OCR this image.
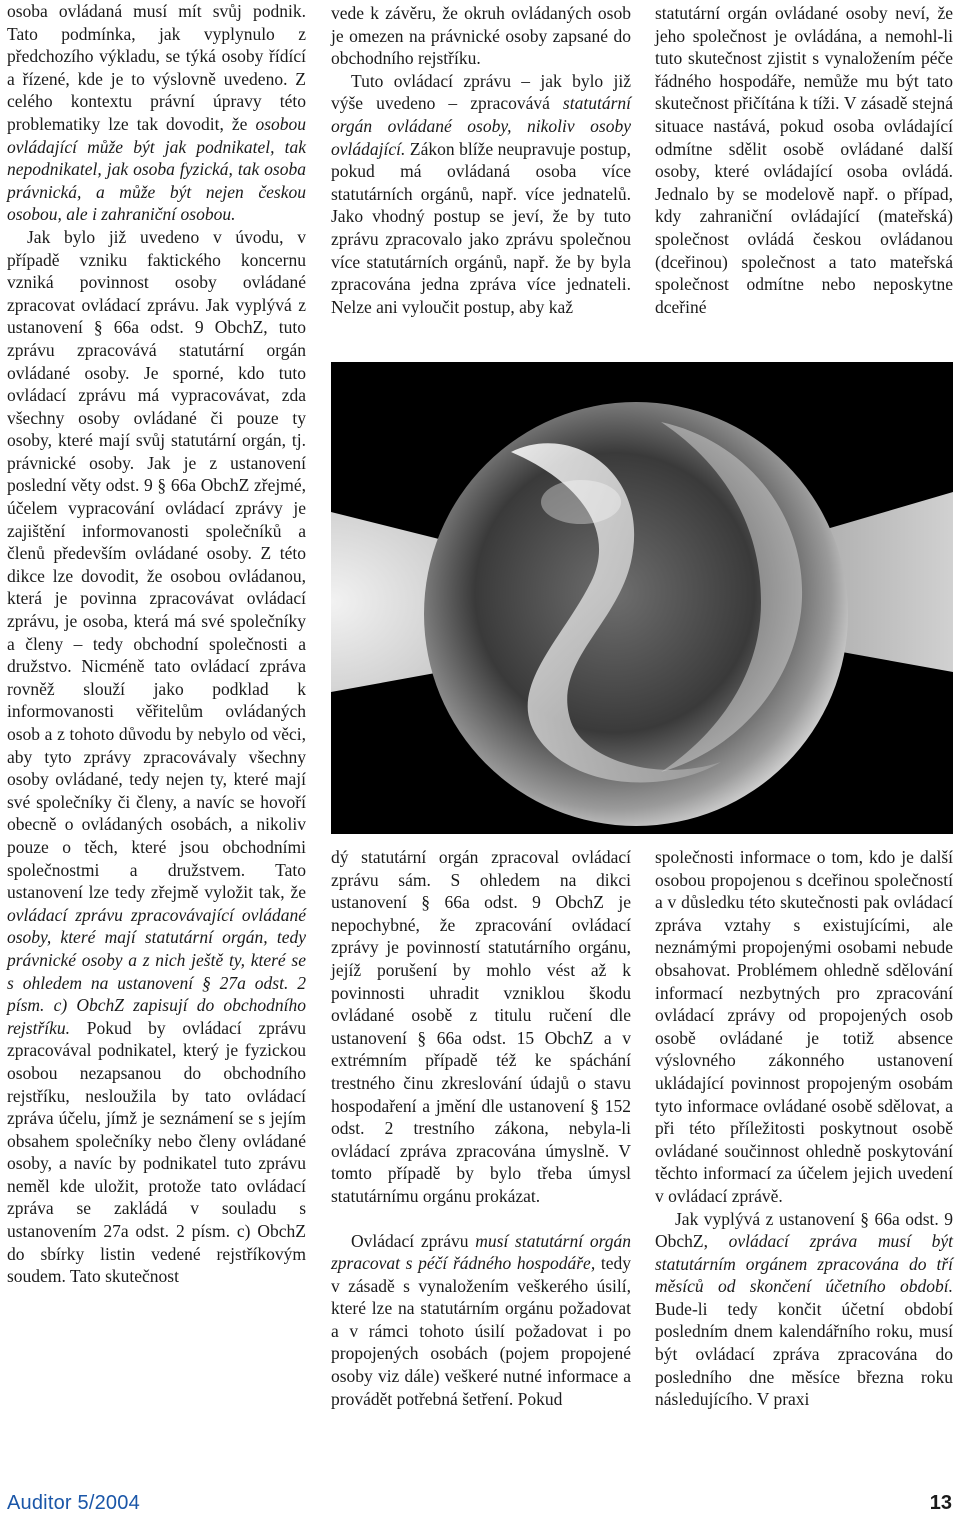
osoba ovládaná musí mít svůj podnik. Tato podmínka, jak vyplynulo z předchozího výkladu, se týká osoby řídící a řízené, kde je to výslovně uvedeno. Z celého kontextu právní úpravy této problematiky lze tak dovodit, že osobou ovládající může být jak podnikatel, tak nepodnikatel, jak osoba fyzická, tak osoba právnická, a může být nejen českou osobou, ale i zahraniční osobou.

Jak bylo již uvedeno v úvodu, v případě vzniku faktického koncernu vzniká povinnost osoby ovládané zpracovat ovládací zprávu. Jak vyplývá z ustanovení § 66a odst. 9 ObchZ, tuto zprávu zpracovává statutární orgán ovládané osoby. Je sporné, kdo tuto ovládací zprávu má vypracovávat, zda všechny osoby ovládané či pouze ty osoby, které mají svůj statutární orgán, tj. právnické osoby. Jak je z ustanovení poslední věty odst. 9 § 66a ObchZ zřejmé, účelem vypracování ovládací zprávy je zajištění informovanosti společníků a členů především ovládané osoby. Z této dikce lze dovodit, že osobou ovládanou, která je povinna zpracovávat ovládací zprávu, je osoba, která má své společníky a členy – tedy obchodní společnosti a družstvo. Nicméně tato ovládací zpráva rovněž slouží jako podklad k informovanosti věřitelům ovládaných osob a z tohoto důvodu by nebylo od věci, aby tyto zprávy zpracovávaly všechny osoby ovládané, tedy nejen ty, které mají své společníky či členy, a navíc se hovoří obecně o ovládaných osobách, a nikoliv pouze o těch, které jsou obchodními společnostmi a družstvem. Tato ustanovení lze tedy zřejmě vyložit tak, že ovládací zprávu zpracovávající ovládané osoby, které mají statutární orgán, tedy právnické osoby a z nich ještě ty, které se s ohledem na ustanovení § 27a odst. 2 písm. c) ObchZ zapisují do obchodního rejstříku. Pokud by ovládací zprávu zpracovával podnikatel, který je fyzickou osobou nezapsanou do obchodního rejstříku, nesloužila by tato ovládací zpráva účelu, jímž je seznámení se s jejím obsahem společníky nebo členy ovládané osoby, a navíc by podnikatel tuto zprávu neměl kde uložit, protože tato ovládací zpráva se zakládá v souladu s ustanovením 27a odst. 2 písm. c) ObchZ do sbírky listin vedené rejstříkovým soudem. Tato skutečnost

vede k závěru, že okruh ovládaných osob je omezen na právnické osoby zapsané do obchodního rejstříku.

Tuto ovládací zprávu – jak bylo již výše uvedeno – zpracovává statutární orgán ovládané osoby, nikoliv osoby ovládající. Zákon blíže neupravuje postup, pokud má ovládaná osoba více statutárních orgánů, např. více jednatelů. Jako vhodný postup se jeví, že by tuto zprávu zpracovalo jako zprávu společnou více statutárních orgánů, např. že by byla zpracována jedna zpráva více jednateli. Nelze ani vyloučit postup, aby kaž

statutární orgán ovládané osoby neví, že jeho společnost je ovládána, a nemohl-li tuto skutečnost zjistit s vynaložením péče řádného hospodáře, nemůže mu být tato skutečnost přičítána k tíži. V zásadě stejná situace nastává, pokud osoba ovládající odmítne sdělit osobě ovládané další osoby, které ovládající osoba ovládá. Jednalo by se modelově např. o případ, kdy zahraniční ovládající (mateřská) společnost ovládá českou ovládanou (dceřinou) společnost a tato mateřská společnost odmítne nebo neposkytne dceřiné

dý statutární orgán zpracoval ovládací zprávu sám. S ohledem na dikci ustanovení § 66a odst. 9 ObchZ je nepochybné, že zpracování ovládací zprávy je povinností statutárního orgánu, jejíž porušení by mohlo vést až k povinnosti uhradit vzniklou škodu ovládané osobě z titulu ručení dle ustanovení § 66a odst. 15 ObchZ a v extrémním případě též ke spáchání trestného činu zkreslování údajů o stavu hospodaření a jmění dle ustanovení § 152 odst. 2 trestního zákona, nebyla-li ovládací zpráva zpracována úmyslně. V tomto případě by bylo třeba úmysl statutárnímu orgánu prokázat.

Ovládací zprávu musí statutární orgán zpracovat s péčí řádného hospodáře, tedy v zásadě s vynaložením veškerého úsilí, které lze na statutárním orgánu požadovat a v rámci tohoto úsilí požadovat i po propojených osobách (pojem propojené osoby viz dále) veškeré nutné informace a provádět potřebná šetření. Pokud

společnosti informace o tom, kdo je další osobou propojenou s dceřinou společností a v důsledku této skutečnosti pak ovládací zpráva vztahy s existujícími, ale neznámými propojenými osobami nebude obsahovat. Problémem ohledně sdělování informací nezbytných pro zpracování ovládací zprávy od propojených osob osobě ovládané je totiž absence výslovného zákonného ustanovení ukládající povinnost propojeným osobám tyto informace ovládané osobě sdělovat, a při této příležitosti poskytnout osobě ovládané součinnost ohledně poskytování těchto informací za účelem jejich uvedení v ovládací zprávě.

Jak vyplývá z ustanovení § 66a odst. 9 ObchZ, ovládací zpráva musí být statutárním orgánem zpracována do tří měsíců od skončení účetního období. Bude-li tedy končit účetní období posledním dnem kalendářního roku, musí být ovládací zpráva zpracována do posledního dne měsíce března roku následujícího. V praxi

Auditor 5/2004	13
